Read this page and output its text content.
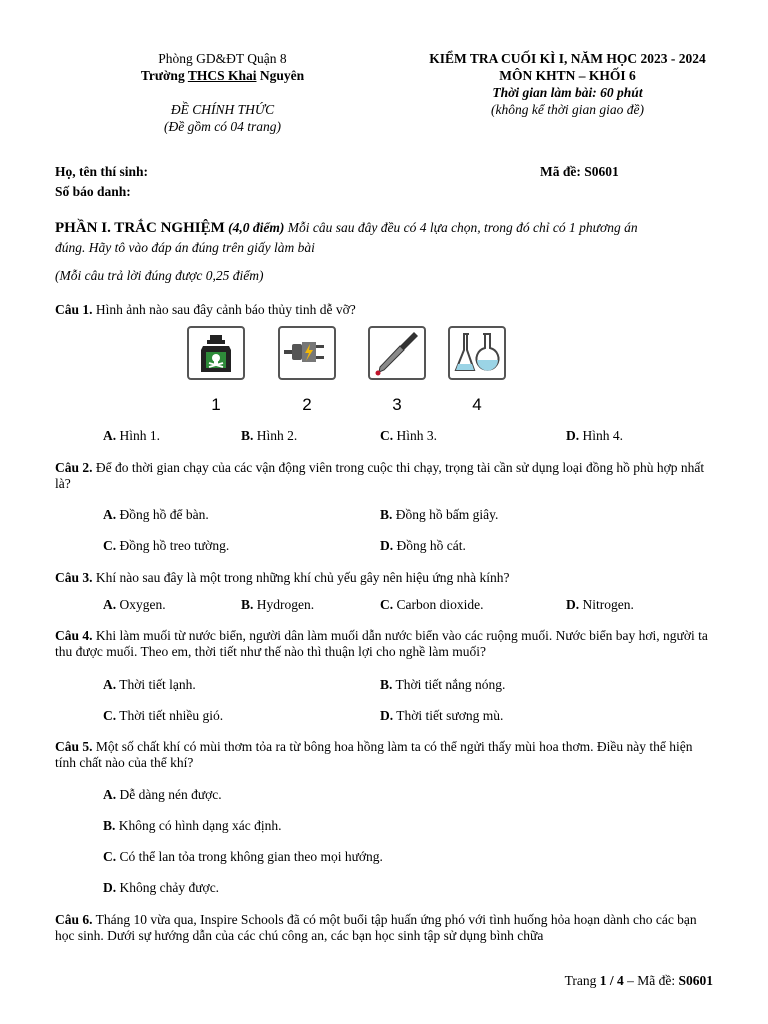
Phòng GD&ĐT Quận 8
Trường THCS Khai Nguyên
ĐỀ CHÍNH THỨC
(Đề gồm có 04 trang)
KIỂM TRA CUỐI KÌ I, NĂM HỌC 2023 - 2024
MÔN KHTN – KHỐI 6
Thời gian làm bài: 60 phút
(không kể thời gian giao đề)
Họ, tên thí sinh:
Số báo danh:
Mã đề: S0601
PHẦN I. TRẮC NGHIỆM (4,0 điểm) Mỗi câu sau đây đều có 4 lựa chọn, trong đó chỉ có 1 phương án
đúng. Hãy tô vào đáp án đúng trên giấy làm bài
(Mỗi câu trả lời đúng được 0,25 điểm)
Câu 1. Hình ảnh nào sau đây cảnh báo thủy tinh dễ vỡ?
1	2	3	4
A. Hình 1.	B. Hình 2.	C. Hình 3.	D. Hình 4.
Câu 2. Để đo thời gian chạy của các vận động viên trong cuộc thi chạy, trọng tài cần sử dụng loại đồng hồ phù hợp nhất là?
A. Đồng hồ để bàn.	B. Đồng hồ bấm giây.
C. Đồng hồ treo tường.	D. Đồng hồ cát.
Câu 3. Khí nào sau đây là một trong những khí chủ yếu gây nên hiệu ứng nhà kính?
A. Oxygen.	B. Hydrogen.	C. Carbon dioxide.	D. Nitrogen.
Câu 4. Khi làm muối từ nước biển, người dân làm muối dẫn nước biển vào các ruộng muối. Nước biển bay hơi, người ta thu được muối. Theo em, thời tiết như thế nào thì thuận lợi cho nghề làm muối?
A. Thời tiết lạnh.	B. Thời tiết nắng nóng.
C. Thời tiết nhiều gió.	D. Thời tiết sương mù.
Câu 5. Một số chất khí có mùi thơm tỏa ra từ bông hoa hồng làm ta có thể ngửi thấy mùi hoa thơm. Điều này thể hiện tính chất nào của thể khí?
A. Dễ dàng nén được.
B. Không có hình dạng xác định.
C. Có thể lan tỏa trong không gian theo mọi hướng.
D. Không chảy được.
Câu 6. Tháng 10 vừa qua, Inspire Schools đã có một buổi tập huấn ứng phó với tình huống hỏa hoạn dành cho các bạn học sinh. Dưới sự hướng dẫn của các chú công an, các bạn học sinh tập sử dụng bình chữa
Trang 1 / 4 – Mã đề: S0601
